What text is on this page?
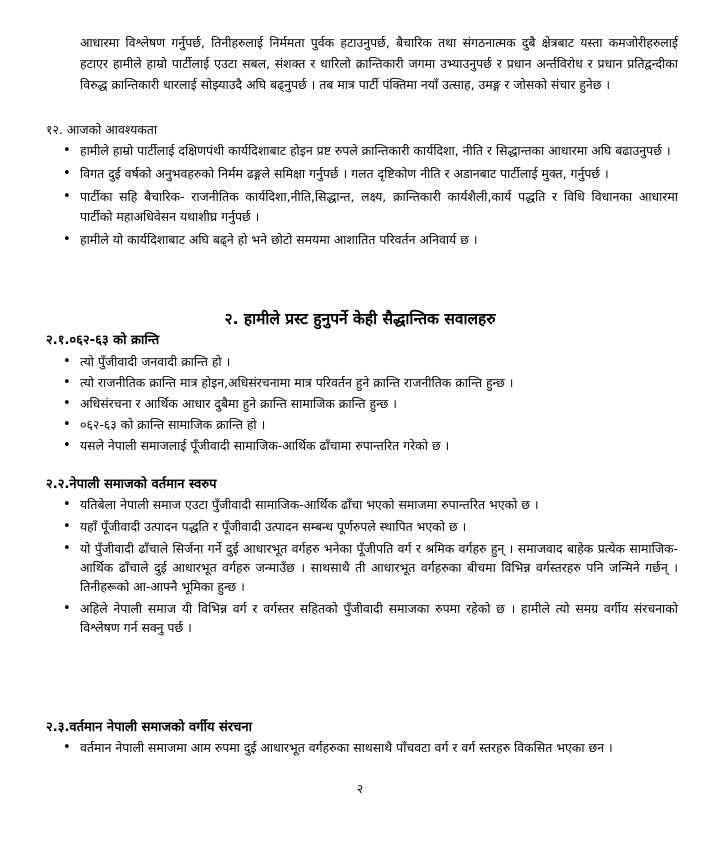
आधारमा विश्लेषण गर्नुपर्छ, तिनीहरुलाई निर्ममता पुर्वक हटाउनुपर्छ, बैचारिक तथा संगठनात्मक दुबै क्षेत्रबाट यस्ता कमजोरीहरुलाई हटाएर हामीले हाम्रो पार्टीलाई एउटा सबल, संशक्त र धारिलो क्रान्तिकारी जगमा उभ्याउनुपर्छ र प्रधान अर्न्तविरोध र प्रधान प्रतिद्वन्दीका विरुद्ध क्रान्तिकारी धारलाई सोझ्याउदै अघि बढ्नुपर्छ । तब मात्र पार्टी पंक्तिमा नयाँ उत्साह, उमङ्ग र जोसको संचार हुनेछ ।
१२. आजको आवश्यकता
• हामीले हाम्रो पार्टीलाई दक्षिणपंथी कार्यदिशाबाट होइन प्रष्ट रुपले क्रान्तिकारी कार्यदिशा, नीति र सिद्धान्तका आधारमा अघि बढाउनुपर्छ ।
• विगत दुई वर्षको अनुभवहरुको निर्मम ढङ्गले समिक्षा गर्नुपर्छ । गलत दृष्टिकोण नीति र अडानबाट पार्टीलाई मुक्त, गर्नुपर्छ ।
• पार्टीका सहि बैचारिक- राजनीतिक कार्यदिशा,नीति,सिद्धान्त, लक्ष्य, क्रान्तिकारी कार्यशैली,कार्य पद्धति र विधि विधानका आधारमा पार्टीको महाअधिवेसन यथाशीघ्र गर्नुपर्छ ।
• हामीले यो कार्यदिशाबाट अघि बढ्ने हो भने छोटो समयमा आशातित परिवर्तन अनिवार्य छ ।
२. हामीले प्रस्ट हुनुपर्ने केही सैद्धान्तिक सवालहरु
२.१.०६२-६३ को क्रान्ति
• त्यो पुँजीवादी जनवादी क्रान्ति हो ।
• त्यो राजनीतिक क्रान्ति मात्र होइन,अधिसंरचनामा मात्र परिवर्तन हुने क्रान्ति राजनीतिक क्रान्ति हुन्छ ।
• अधिसंरचना र आर्थिक आधार दुबैमा हुने क्रान्ति सामाजिक क्रान्ति हुन्छ ।
• ०६२-६३ को क्रान्ति सामाजिक क्रान्ति हो ।
• यसले नेपाली समाजलाई पूँजीवादी सामाजिक-आर्थिक ढाँचामा रुपान्तरित गरेको छ ।
२.२.नेपाली समाजको वर्तमान स्वरुप
• यतिबेला नेपाली समाज एउटा पुँजीवादी सामाजिक-आर्थिक ढाँचा भएको समाजमा रुपान्तरित भएको छ ।
• यहाँ पूँजीवादी उत्पादन पद्धति र पूँजीवादी उत्पादन सम्बन्ध पूर्णरुपले स्थापित भएको छ ।
• यो पुँजीवादी ढाँचाले सिर्जना गर्ने दुई आधारभूत वर्गहरु भनेका पूँजीपति वर्ग र श्रमिक वर्गहरु हुन् । समाजवाद बाहेक प्रत्येक सामाजिक-आर्थिक ढाँचाले दुई आधारभूत वर्गहरु जन्माउँछ । साथसाथै ती आधारभूत वर्गहरुका बीचमा विभिन्न वर्गस्तरहरु पनि जन्मिने गर्छन् । तिनीहरूको आ-आफ्नै भूमिका हुन्छ ।
• अहिले नेपाली समाज यी विभिन्न वर्ग र वर्गस्तर सहितको पुँजीवादी समाजका रुपमा रहेको छ । हामीले त्यो समग्र वर्गीय संरचनाको विश्लेषण गर्न सक्नु पर्छ ।
२.३.वर्तमान नेपाली समाजको वर्गीय संरचना
• वर्तमान नेपाली समाजमा आम रुपमा दुई आधारभूत वर्गहरुका साथसाथै पाँचवटा वर्ग र वर्ग स्तरहरु विकसित भएका छन ।
२
